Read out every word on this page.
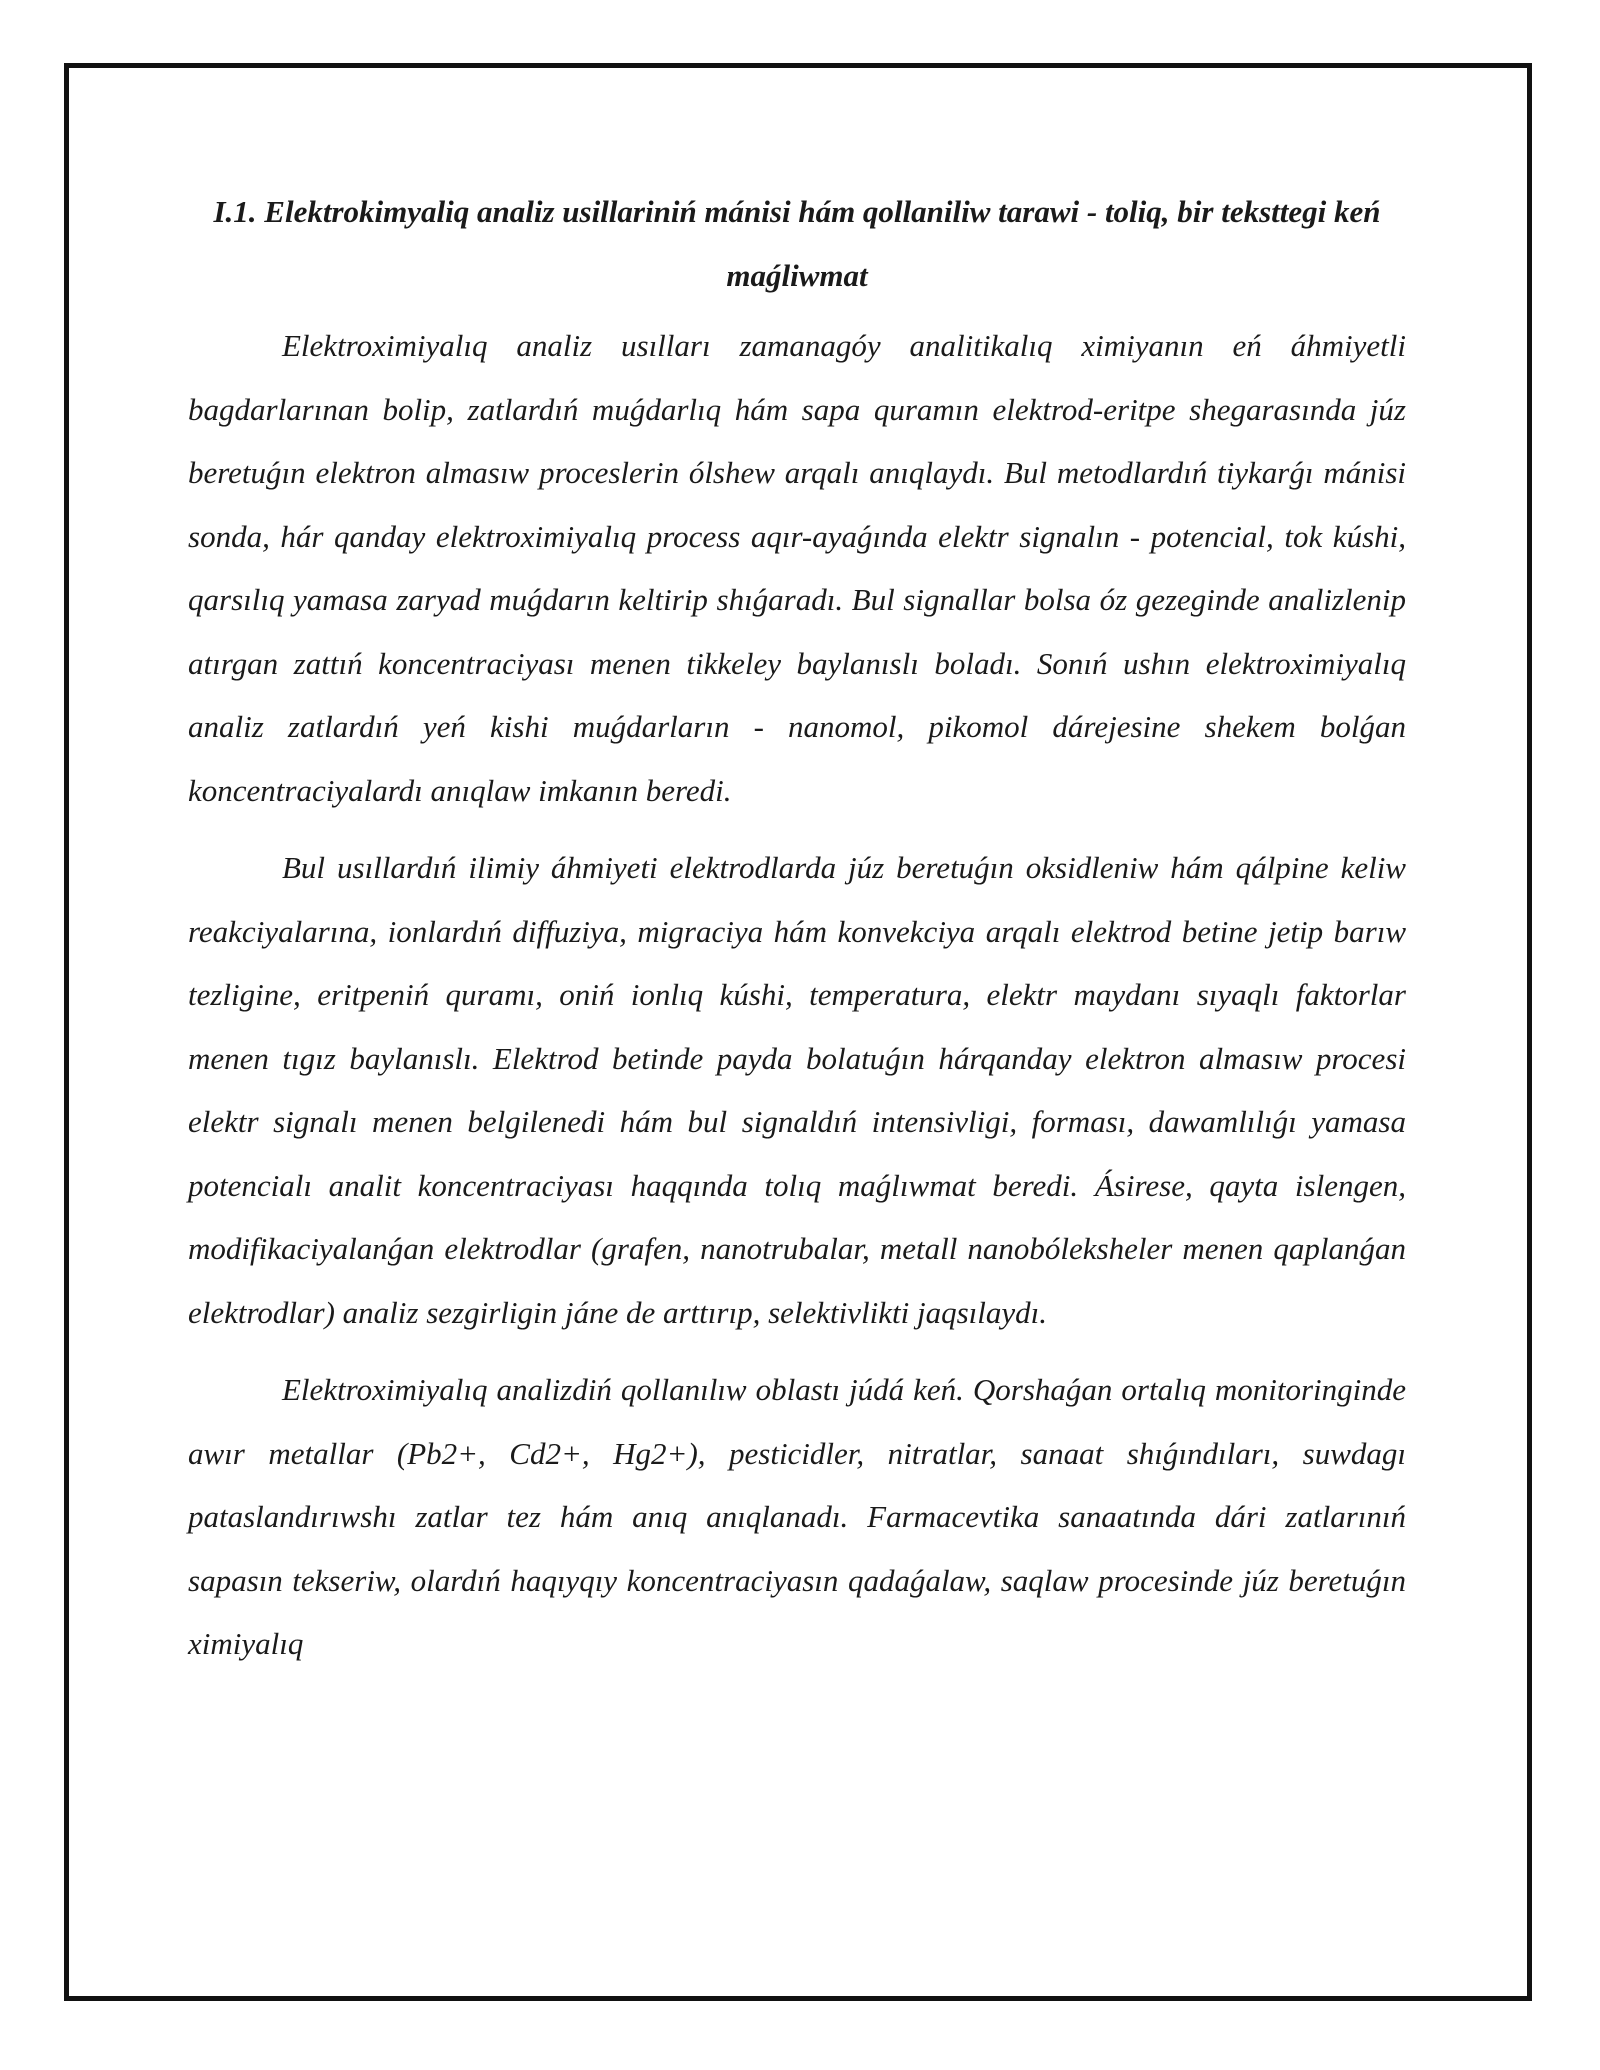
I.1. Elektrokimyaliq analiz usillariniń mánisi hám qollaniliw tarawi - toliq, bir teksttegi keń maǵliwmat

Elektroximiyalıq analiz usılları zamanagóy analitikalıq ximiyanın eń áhmiyetli bagdarlarınan bolip, zatlardıń muǵdarlıq hám sapa quramın elektrod-eritpe shegarasında júz beretuǵın elektron almasıw proceslerin ólshew arqalı anıqlaydı. Bul metodlardıń tiykarǵı mánisi sonda, hár qanday elektroximiyalıq process aqır-ayaǵında elektr signalın - potencial, tok kúshi, qarsılıq yamasa zaryad muǵdarın keltirip shıǵaradı. Bul signallar bolsa óz gezeginde analizlenip atırgan zattıń koncentraciyası menen tikkeley baylanıslı boladı. Sonıń ushın elektroximiyalıq analiz zatlardıń yeń kishi muǵdarların - nanomol, pikomol dárejesine shekem bolǵan koncentraciyalardı anıqlaw imkanın beredi.

Bul usıllardıń ilimiy áhmiyeti elektrodlarda júz beretuǵın oksidleniw hám qálpine keliw reakciyalarına, ionlardıń diffuziya, migraciya hám konvekciya arqalı elektrod betine jetip barıw tezligine, eritpeniń quramı, oniń ionlıq kúshi, temperatura, elektr maydanı sıyaqlı faktorlar menen tıgız baylanıslı. Elektrod betinde payda bolatuǵın hárqanday elektron almasıw procesi elektr signalı menen belgilenedi hám bul signaldıń intensivligi, forması, dawamlılıǵı yamasa potencialı analit koncentraciyası haqqında tolıq maǵlıwmat beredi. Ásirese, qayta islengen, modifikaciyalanǵan elektrodlar (grafen, nanotrubalar, metall nanobóleksheler menen qaplanǵan elektrodlar) analiz sezgirligin jáne de arttırıp, selektivlikti jaqsılaydı.

Elektroximiyalıq analizdiń qollanılıw oblastı júdá keń. Qorshaǵan ortalıq monitoringinde awır metallar (Pb2+, Cd2+, Hg2+), pesticidler, nitratlar, sanaat shıǵındıları, suwdagı pataslandırıwshı zatlar tez hám anıq anıqlanadı. Farmacevtika sanaatında dári zatlarınıń sapasın tekseriw, olardıń haqıyqıy koncentraciyasın qadaǵalaw, saqlaw procesinde júz beretuǵın ximiyalıq
